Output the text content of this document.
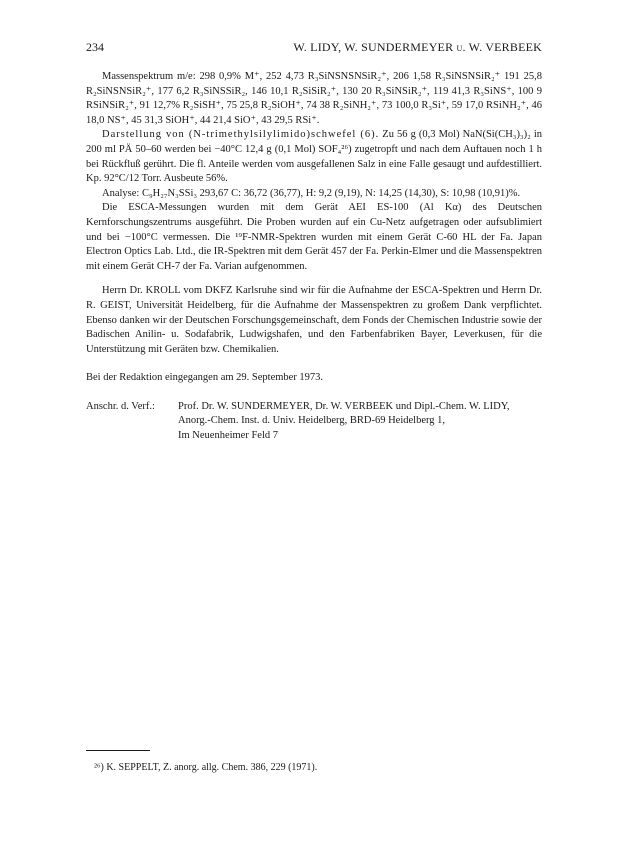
234	W. LIDY, W. SUNDERMEYER u. W. VERBEEK

Massenspektrum m/e: 298 0,9% M⁺, 252 4,73 R₃SiNSNSNSiR₂⁺, 206 1,58 R₃SiNSNSiR₂⁺ 191 25,8 R₂SiNSNSiR₂⁺, 177 6,2 R₃SiNSSiR₂, 146 10,1 R₂SiSiR₂⁺, 130 20 R₃SiNSiR₂⁺, 119 41,3 R₃SiNS⁺, 100 9 RSiNSiR₂⁺, 91 12,7% R₂SiSH⁺, 75 25,8 R₂SiOH⁺, 74 38 R₂SiNH₂⁺, 73 100,0 R₃Si⁺, 59 17,0 RSiNH₂⁺, 46 18,0 NS⁺, 45 31,3 SiOH⁺, 44 21,4 SiO⁺, 43 29,5 RSi⁺.

Darstellung von (N-trimethylsilylimido)schwefel (6). Zu 56 g (0,3 Mol) NaN(Si(CH₃)₃)₂ in 200 ml PÄ 50–60 werden bei −40°C 12,4 g (0,1 Mol) SOF₄²⁶) zugetropft und nach dem Auftauen noch 1 h bei Rückfluß gerührt. Die fl. Anteile werden vom ausgefallenen Salz in eine Falle gesaugt und aufdestilliert. Kp. 92°C/12 Torr. Ausbeute 56%.

Analyse: C₉H₂₇N₃SSi₃ 293,67 C: 36,72 (36,77), H: 9,2 (9,19), N: 14,25 (14,30), S: 10,98 (10,91)%.

Die ESCA-Messungen wurden mit dem Gerät AEI ES-100 (Al Kα) des Deutschen Kernforschungszentrums ausgeführt. Die Proben wurden auf ein Cu-Netz aufgetragen oder aufsublimiert und bei −100°C vermessen. Die ¹⁹F-NMR-Spektren wurden mit einem Gerät C-60 HL der Fa. Japan Electron Optics Lab. Ltd., die IR-Spektren mit dem Gerät 457 der Fa. Perkin-Elmer und die Massenspektren mit einem Gerät CH-7 der Fa. Varian aufgenommen.

Herrn Dr. KROLL vom DKFZ Karlsruhe sind wir für die Aufnahme der ESCA-Spektren und Herrn Dr. R. GEIST, Universität Heidelberg, für die Aufnahme der Massenspektren zu großem Dank verpflichtet. Ebenso danken wir der Deutschen Forschungsgemeinschaft, dem Fonds der Chemischen Industrie sowie der Badischen Anilin- u. Sodafabrik, Ludwigshafen, und den Farbenfabriken Bayer, Leverkusen, für die Unterstützung mit Geräten bzw. Chemikalien.

Bei der Redaktion eingegangen am 29. September 1973.

Anschr. d. Verf.:	Prof. Dr. W. SUNDERMEYER, Dr. W. VERBEEK und Dipl.-Chem. W. LIDY,
Anorg.-Chem. Inst. d. Univ. Heidelberg, BRD-69 Heidelberg 1,
Im Neuenheimer Feld 7
²⁶) K. SEPPELT, Z. anorg. allg. Chem. 386, 229 (1971).
